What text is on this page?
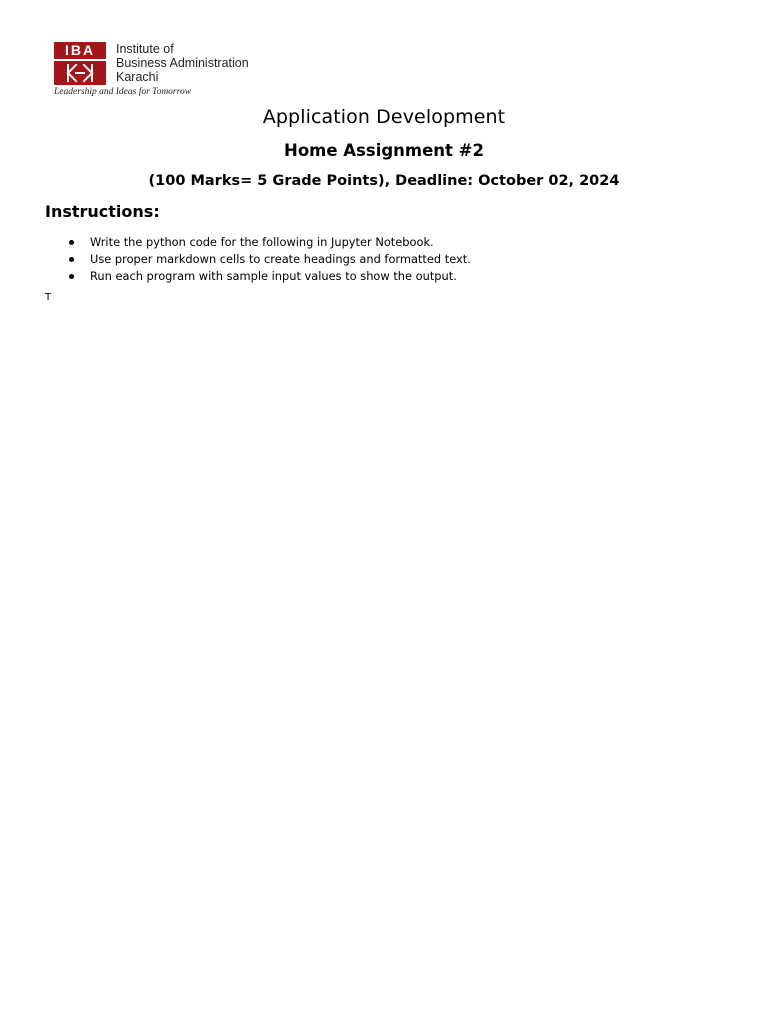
IBA	Institute of
Business Administration
Karachi
Leadership and Ideas for Tomorrow
Application Development
Home Assignment #2
(100 Marks= 5 Grade Points), Deadline: October 02, 2024
Instructions:
Write the python code for the following in Jupyter Notebook.
Use proper markdown cells to create headings and formatted text.
Run each program with sample input values to show the output.
T
